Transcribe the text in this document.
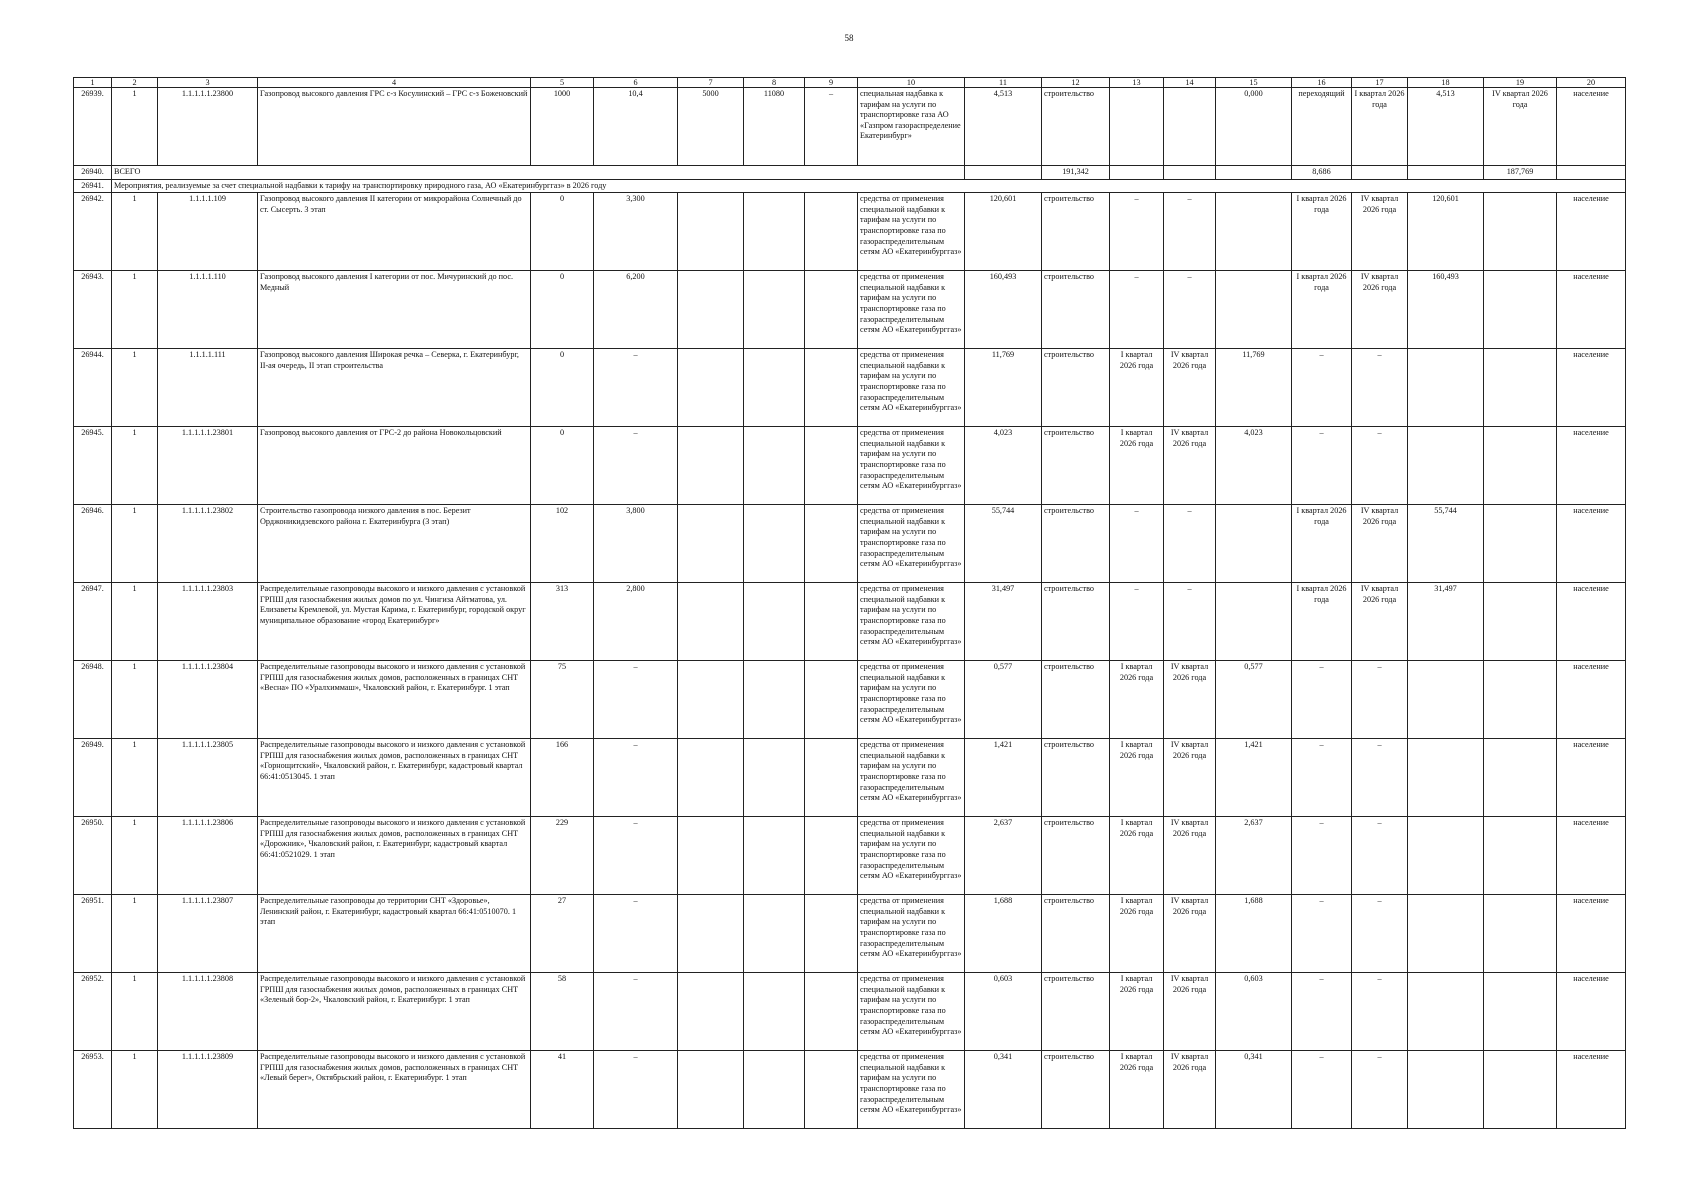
58
1	2	3	4	5	6	7	8	9	10	11	12	13	14	15	16	17	18	19	20	
26939.	1	1.1.1.1.1.23800	Газопровод высокого давления ГРС с-з Косулинский – ГРС с-з Боженовский	1000	10,4	5000	11080	–	специальная надбавка к тарифам на услуги по транспортировке газа АО «Газпром газораспределение Екатеринбург»	4,513	строительство			0,000	переходящий	I квартал 2026 года	4,513	IV квартал 2026 года	население	
26940.	ВСЕГО										191,342				8,686			187,769		
26941.	Мероприятия, реализуемые за счет специальной надбавки к тарифу на транспортировку природного газа, АО «Екатеринбурггаз» в 2026 году																			
26942.	1	1.1.1.1.109	Газопровод высокого давления II категории от микрорайона Солнечный до ст. Сысерть. 3 этап	0	3,300				средства от применения специальной надбавки к тарифам на услуги по транспортировке газа по газораспределительным сетям АО «Екатеринбурггаз»	120,601	строительство	–	–		I квартал 2026 года	IV квартал 2026 года	120,601		население	
26943.	1	1.1.1.1.110	Газопровод высокого давления I категории от пос. Мичуринский до пос. Медный	0	6,200				средства от применения специальной надбавки к тарифам на услуги по транспортировке газа по газораспределительным сетям АО «Екатеринбурггаз»	160,493	строительство	–	–		I квартал 2026 года	IV квартал 2026 года	160,493		население	
26944.	1	1.1.1.1.111	Газопровод высокого давления Широкая речка – Северка, г. Екатеринбург, II-ая очередь, II этап строительства	0	–				средства от применения специальной надбавки к тарифам на услуги по транспортировке газа по газораспределительным сетям АО «Екатеринбурггаз»	11,769	строительство	I квартал 2026 года	IV квартал 2026 года	11,769	–	–			население	
26945.	1	1.1.1.1.1.23801	Газопровод высокого давления от ГРС-2 до района Новокольцовский	0	–				средства от применения специальной надбавки к тарифам на услуги по транспортировке газа по газораспределительным сетям АО «Екатеринбурггаз»	4,023	строительство	I квартал 2026 года	IV квартал 2026 года	4,023	–	–			население	
26946.	1	1.1.1.1.1.23802	Строительство газопровода низкого давления в пос. Березит Орджоникидзевского района г. Екатеринбурга (3 этап)	102	3,800				средства от применения специальной надбавки к тарифам на услуги по транспортировке газа по газораспределительным сетям АО «Екатеринбурггаз»	55,744	строительство	–	–		I квартал 2026 года	IV квартал 2026 года	55,744		население	
26947.	1	1.1.1.1.1.23803	Распределительные газопроводы высокого и низкого давления с установкой ГРПШ для газоснабжения жилых домов по ул. Чингиза Айтматова, ул. Елизаветы Кремлевой, ул. Мустая Карима, г. Екатеринбург, городской округ муниципальное образование «город Екатеринбург»	313	2,800				средства от применения специальной надбавки к тарифам на услуги по транспортировке газа по газораспределительным сетям АО «Екатеринбурггаз»	31,497	строительство	–	–		I квартал 2026 года	IV квартал 2026 года	31,497		население	
26948.	1	1.1.1.1.1.23804	Распределительные газопроводы высокого и низкого давления с установкой ГРПШ для газоснабжения жилых домов, расположенных в границах СНТ «Весна» ПО «Уралхиммаш», Чкаловский район, г. Екатеринбург. 1 этап	75	–				средства от применения специальной надбавки к тарифам на услуги по транспортировке газа по газораспределительным сетям АО «Екатеринбурггаз»	0,577	строительство	I квартал 2026 года	IV квартал 2026 года	0,577	–	–			население	
26949.	1	1.1.1.1.1.23805	Распределительные газопроводы высокого и низкого давления с установкой ГРПШ для газоснабжения жилых домов, расположенных в границах СНТ «Горнощитский», Чкаловский район, г. Екатеринбург, кадастровый квартал 66:41:0513045. 1 этап	166	–				средства от применения специальной надбавки к тарифам на услуги по транспортировке газа по газораспределительным сетям АО «Екатеринбурггаз»	1,421	строительство	I квартал 2026 года	IV квартал 2026 года	1,421	–	–			население	
26950.	1	1.1.1.1.1.23806	Распределительные газопроводы высокого и низкого давления с установкой ГРПШ для газоснабжения жилых домов, расположенных в границах СНТ «Дорожник», Чкаловский район, г. Екатеринбург, кадастровый квартал 66:41:0521029. 1 этап	229	–				средства от применения специальной надбавки к тарифам на услуги по транспортировке газа по газораспределительным сетям АО «Екатеринбурггаз»	2,637	строительство	I квартал 2026 года	IV квартал 2026 года	2,637	–	–			население	
26951.	1	1.1.1.1.1.23807	Распределительные газопроводы до территории СНТ «Здоровье», Ленинский район, г. Екатеринбург, кадастровый квартал 66:41:0510070. 1 этап	27	–				средства от применения специальной надбавки к тарифам на услуги по транспортировке газа по газораспределительным сетям АО «Екатеринбурггаз»	1,688	строительство	I квартал 2026 года	IV квартал 2026 года	1,688	–	–			население	
26952.	1	1.1.1.1.1.23808	Распределительные газопроводы высокого и низкого давления с установкой ГРПШ для газоснабжения жилых домов, расположенных в границах СНТ «Зеленый бор-2», Чкаловский район, г. Екатеринбург. 1 этап	58	–				средства от применения специальной надбавки к тарифам на услуги по транспортировке газа по газораспределительным сетям АО «Екатеринбурггаз»	0,603	строительство	I квартал 2026 года	IV квартал 2026 года	0,603	–	–			население	
26953.	1	1.1.1.1.1.23809	Распределительные газопроводы высокого и низкого давления с установкой ГРПШ для газоснабжения жилых домов, расположенных в границах СНТ «Левый берег», Октябрьский район, г. Екатеринбург. 1 этап	41	–				средства от применения специальной надбавки к тарифам на услуги по транспортировке газа по газораспределительным сетям АО «Екатеринбурггаз»	0,341	строительство	I квартал 2026 года	IV квартал 2026 года	0,341	–	–			население	
